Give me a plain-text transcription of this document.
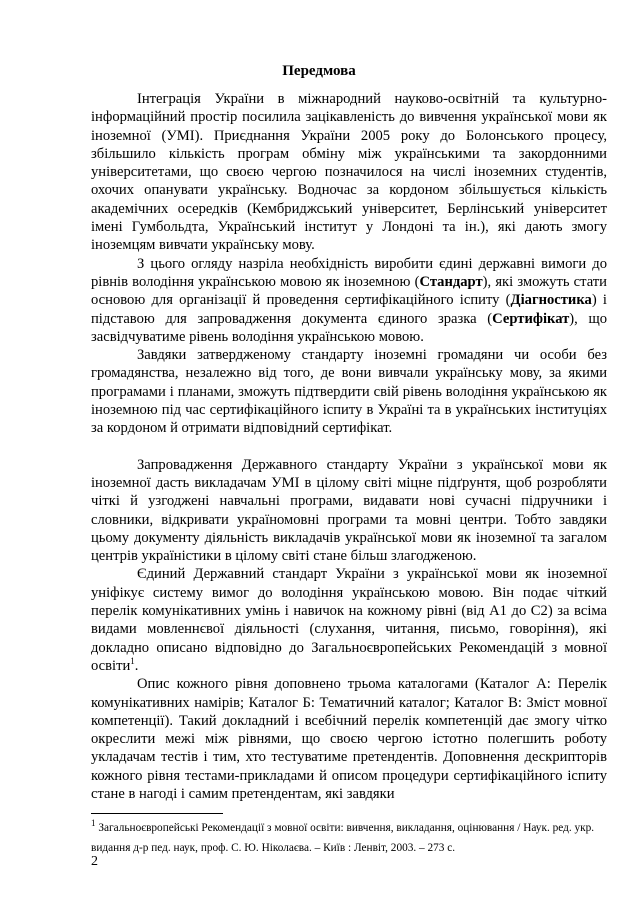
Передмова

Інтеграція України в міжнародний науково-освітній та культурно-інформаційний простір посилила зацікавленість до вивчення української мови як іноземної (УМІ). Приєднання України 2005 року до Болонського процесу, збільшило кількість програм обміну між українськими та закордонними університетами, що своєю чергою позначилося на числі іноземних студентів, охочих опанувати українську. Водночас за кордоном збільшується кількість академічних осередків (Кембриджський університет, Берлінський університет імені Гумбольдта, Український інститут у Лондоні та ін.), які дають змогу іноземцям вивчати українську мову.

З цього огляду назріла необхідність виробити єдині державні вимоги до рівнів володіння українською мовою як іноземною (Стандарт), які зможуть стати основою для організації й проведення сертифікаційного іспиту (Діагностика) і підставою для запровадження документа єдиного зразка (Сертифікат), що засвідчуватиме рівень володіння українською мовою.

Завдяки затвердженому стандарту іноземні громадяни чи особи без громадянства, незалежно від того, де вони вивчали українську мову, за якими програмами і планами, зможуть підтвердити свій рівень володіння українською як іноземною під час сертифікаційного іспиту в Україні та в українських інституціях за кордоном й отримати відповідний сертифікат.

Запровадження Державного стандарту України з української мови як іноземної дасть викладачам УМІ в цілому світі міцне підґрунтя, щоб розробляти чіткі й узгоджені навчальні програми, видавати нові сучасні підручники і словники, відкривати україномовні програми та мовні центри. Тобто завдяки цьому документу діяльність викладачів української мови як іноземної та загалом центрів україністики в цілому світі стане більш злагодженою.

Єдиний Державний стандарт України з української мови як іноземної уніфікує систему вимог до володіння українською мовою. Він подає чіткий перелік комунікативних умінь і навичок на кожному рівні (від А1 до С2) за всіма видами мовленнєвої діяльності (слухання, читання, письмо, говоріння), які докладно описано відповідно до Загальноєвропейських Рекомендацій з мовної освіти$^1$.

Опис кожного рівня доповнено трьома каталогами (Каталог А: Перелік комунікативних намірів; Каталог Б: Тематичний каталог; Каталог В: Зміст мовної компетенції). Такий докладний і всебічний перелік компетенцій дає змогу чітко окреслити межі між рівнями, що своєю чергою істотно полегшить роботу укладачам тестів і тим, хто тестуватиме претендентів. Доповнення дескрипторів кожного рівня тестами-прикладами й описом процедури сертифікаційного іспиту стане в нагоді і самим претендентам, які завдяки

$^1$ Загальноєвропейські Рекомендації з мовної освіти: вивчення, викладання, оцінювання / Наук. ред. укр. видання д-р пед. наук, проф. С. Ю. Ніколаєва. – Київ : Ленвіт, 2003. – 273 с.
2
